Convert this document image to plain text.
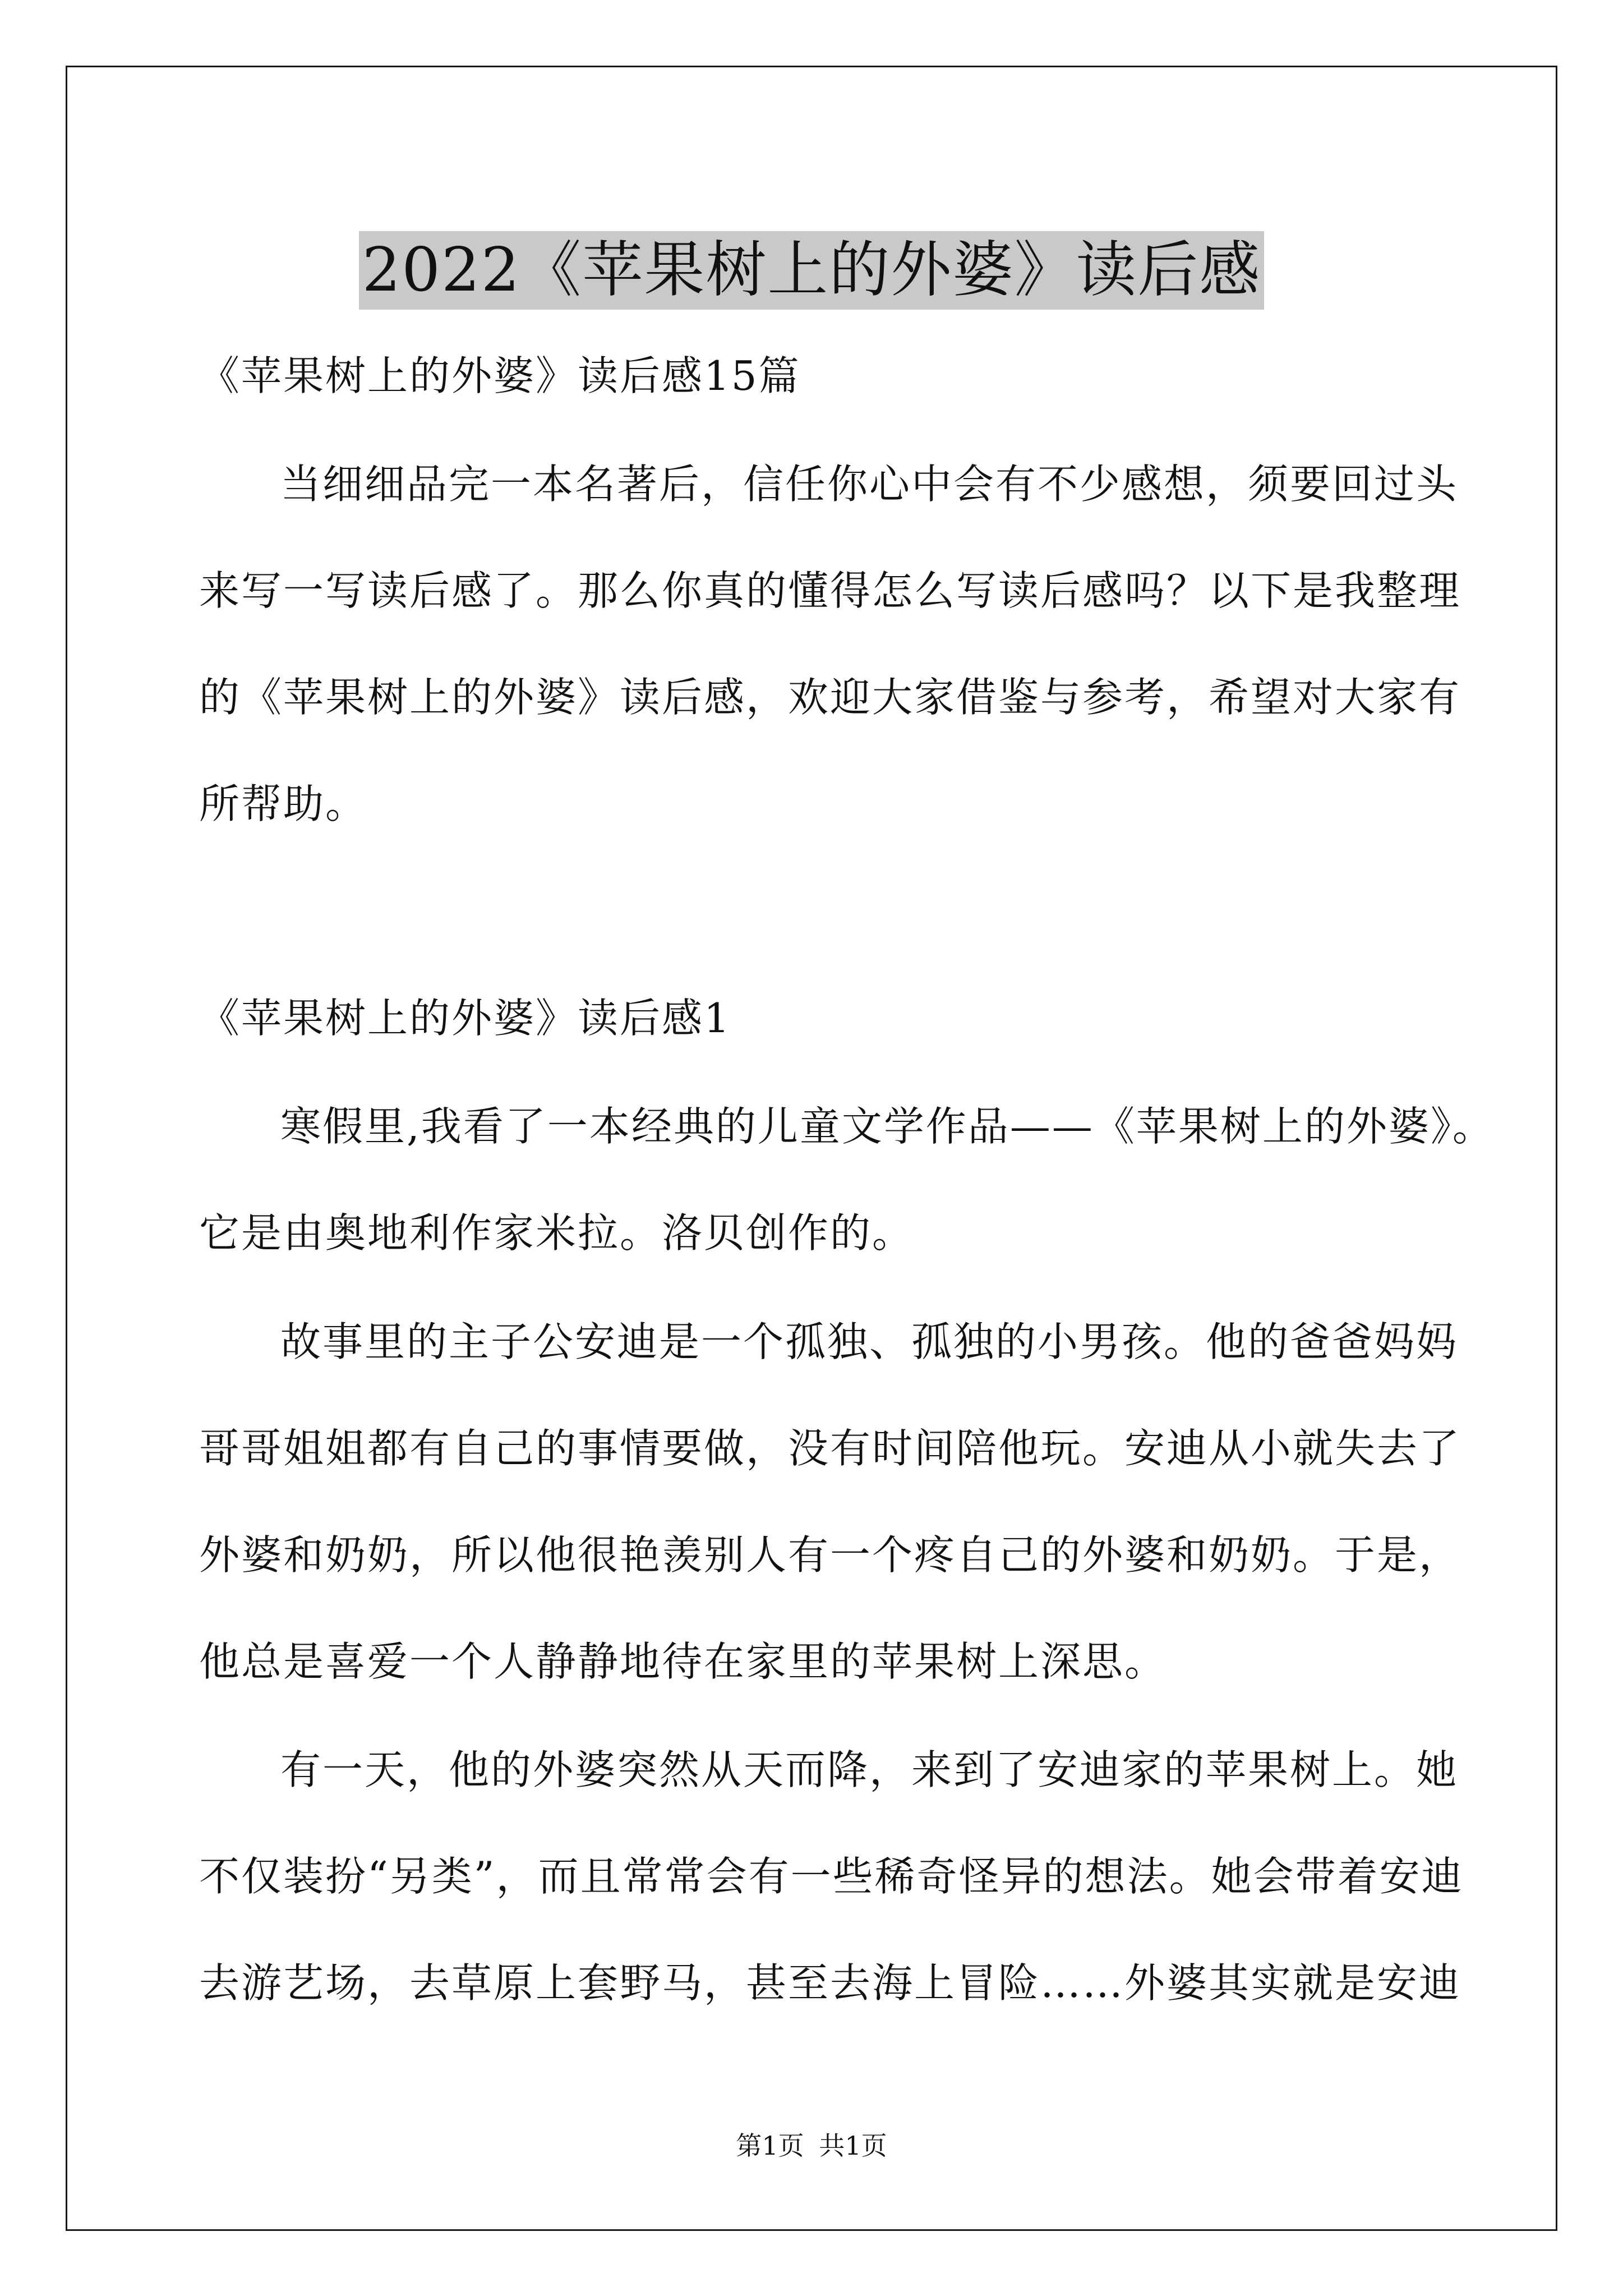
2022《苹果树上的外婆》读后感
《苹果树上的外婆》读后感15篇
当细细品完一本名著后，信任你心中会有不少感想，须要回过头
来写一写读后感了。那么你真的懂得怎么写读后感吗？以下是我整理
的《苹果树上的外婆》读后感，欢迎大家借鉴与参考，希望对大家有
所帮助。
《苹果树上的外婆》读后感1
寒假里,我看了一本经典的儿童文学作品——《苹果树上的外婆》。
它是由奥地利作家米拉。洛贝创作的。
故事里的主子公安迪是一个孤独、孤独的小男孩。他的爸爸妈妈
哥哥姐姐都有自己的事情要做，没有时间陪他玩。安迪从小就失去了
外婆和奶奶，所以他很艳羡别人有一个疼自己的外婆和奶奶。于是，
他总是喜爱一个人静静地待在家里的苹果树上深思。
有一天，他的外婆突然从天而降，来到了安迪家的苹果树上。她
不仅装扮“另类”，而且常常会有一些稀奇怪异的想法。她会带着安迪
去游艺场，去草原上套野马，甚至去海上冒险……外婆其实就是安迪
第1页 共1页
